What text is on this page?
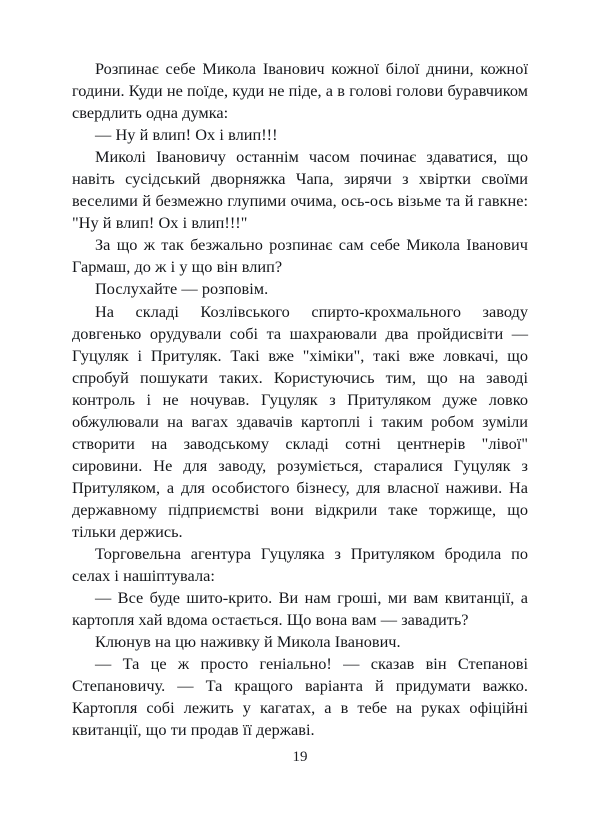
Розпинає себе Микола Іванович кожної білої днини, кожної години. Куди не поїде, куди не піде, а в голові голови буравчиком свердлить одна думка:

— Ну й влип! Ох і влип!!!

Миколі Івановичу останнім часом починає здаватися, що навіть сусідський дворняжка Чапа, зирячи з хвіртки своїми веселими й безмежно глупими очима, ось-ось візьме та й гавкне: "Ну й влип! Ох і влип!!!"

За що ж так безжально розпинає сам себе Микола Іванович Гармаш, до ж і у що він влип?

Послухайте — розповім.

На складі Козлівського спирто-крохмального заводу довгенько орудували собі та шахраювали два пройдисвіти — Гуцуляк і Притуляк. Такі вже "хіміки", такі вже ловкачі, що спробуй пошукати таких. Користуючись тим, що на заводі контроль і не ночував. Гуцуляк з Притуляком дуже ловко обжулювали на вагах здавачів картоплі і таким робом зуміли створити на заводському складі сотні центнерів "лівої" сировини. Не для заводу, розуміється, старалися Гуцуляк з Притуляком, а для особистого бізнесу, для власної наживи. На державному підприємстві вони відкрили таке торжище, що тільки держись.

Торговельна агентура Гуцуляка з Притуляком бродила по селах і нашіптувала:

— Все буде шито-крито. Ви нам гроші, ми вам квитанції, а картопля хай вдома остається. Що вона вам — завадить?

Клюнув на цю наживку й Микола Іванович.

— Та це ж просто геніально! — сказав він Степанові Степановичу. — Та кращого варіанта й придумати важко. Картопля собі лежить у кагатах, а в тебе на руках офіційні квитанції, що ти продав її державі.

19
